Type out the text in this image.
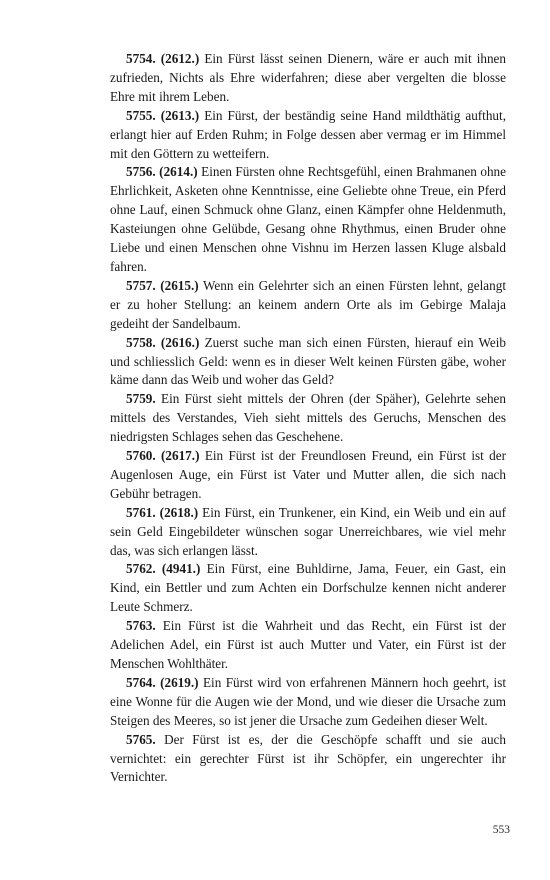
5754. (2612.) Ein Fürst lässt seinen Dienern, wäre er auch mit ihnen zufrieden, Nichts als Ehre widerfahren; diese aber vergelten die blosse Ehre mit ihrem Leben.

5755. (2613.) Ein Fürst, der beständig seine Hand mildthätig aufthut, erlangt hier auf Erden Ruhm; in Folge dessen aber vermag er im Himmel mit den Göttern zu wetteifern.

5756. (2614.) Einen Fürsten ohne Rechtsgefühl, einen Brahmanen ohne Ehrlichkeit, Asketen ohne Kenntnisse, eine Geliebte ohne Treue, ein Pferd ohne Lauf, einen Schmuck ohne Glanz, einen Kämpfer ohne Heldenmuth, Kasteiungen ohne Gelübde, Gesang ohne Rhythmus, einen Bruder ohne Liebe und einen Menschen ohne Vishnu im Herzen lassen Kluge alsbald fahren.

5757. (2615.) Wenn ein Gelehrter sich an einen Fürsten lehnt, gelangt er zu hoher Stellung: an keinem andern Orte als im Gebirge Malaja gedeiht der Sandelbaum.

5758. (2616.) Zuerst suche man sich einen Fürsten, hierauf ein Weib und schliesslich Geld: wenn es in dieser Welt keinen Fürsten gäbe, woher käme dann das Weib und woher das Geld?

5759. Ein Fürst sieht mittels der Ohren (der Späher), Gelehrte sehen mittels des Verstandes, Vieh sieht mittels des Geruchs, Menschen des niedrigsten Schlages sehen das Geschehene.

5760. (2617.) Ein Fürst ist der Freundlosen Freund, ein Fürst ist der Augenlosen Auge, ein Fürst ist Vater und Mutter allen, die sich nach Gebühr betragen.

5761. (2618.) Ein Fürst, ein Trunkener, ein Kind, ein Weib und ein auf sein Geld Eingebildeter wünschen sogar Unerreichbares, wie viel mehr das, was sich erlangen lässt.

5762. (4941.) Ein Fürst, eine Buhldirne, Jama, Feuer, ein Gast, ein Kind, ein Bettler und zum Achten ein Dorfschulze kennen nicht anderer Leute Schmerz.

5763. Ein Fürst ist die Wahrheit und das Recht, ein Fürst ist der Adelichen Adel, ein Fürst ist auch Mutter und Vater, ein Fürst ist der Menschen Wohlthäter.

5764. (2619.) Ein Fürst wird von erfahrenen Männern hoch geehrt, ist eine Wonne für die Augen wie der Mond, und wie dieser die Ursache zum Steigen des Meeres, so ist jener die Ursache zum Gedeihen dieser Welt.

5765. Der Fürst ist es, der die Geschöpfe schafft und sie auch vernichtet: ein gerechter Fürst ist ihr Schöpfer, ein ungerechter ihr Vernichter.

553
